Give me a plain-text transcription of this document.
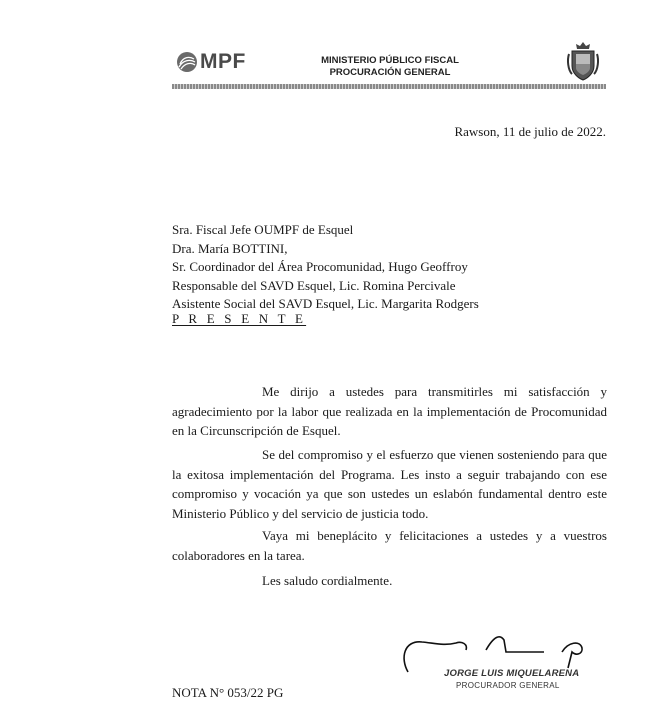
MPF	MINISTERIO PÚBLICO FISCAL
PROCURACIÓN GENERAL
Rawson, 11 de julio de 2022.
Sra. Fiscal Jefe OUMPF de Esquel
Dra. María BOTTINI,
Sr. Coordinador del Área Procomunidad, Hugo Geoffroy
Responsable del SAVD Esquel, Lic. Romina Percivale
Asistente Social del SAVD Esquel, Lic. Margarita Rodgers
P R E S E N T E
Me dirijo a ustedes para transmitirles mi satisfacción y agradecimiento por la labor que realizada en la implementación de Procomunidad en la Circunscripción de Esquel.
Se del compromiso y el esfuerzo que vienen sosteniendo para que la exitosa implementación del Programa. Les insto a seguir trabajando con ese compromiso y vocación ya que son ustedes un eslabón fundamental dentro este Ministerio Público y del servicio de justicia todo.
Vaya mi beneplácito y felicitaciones a ustedes y a vuestros colaboradores en la tarea.
Les saludo cordialmente.
JORGE LUIS MIQUELARENA
PROCURADOR GENERAL
NOTA N° 053/22 PG
